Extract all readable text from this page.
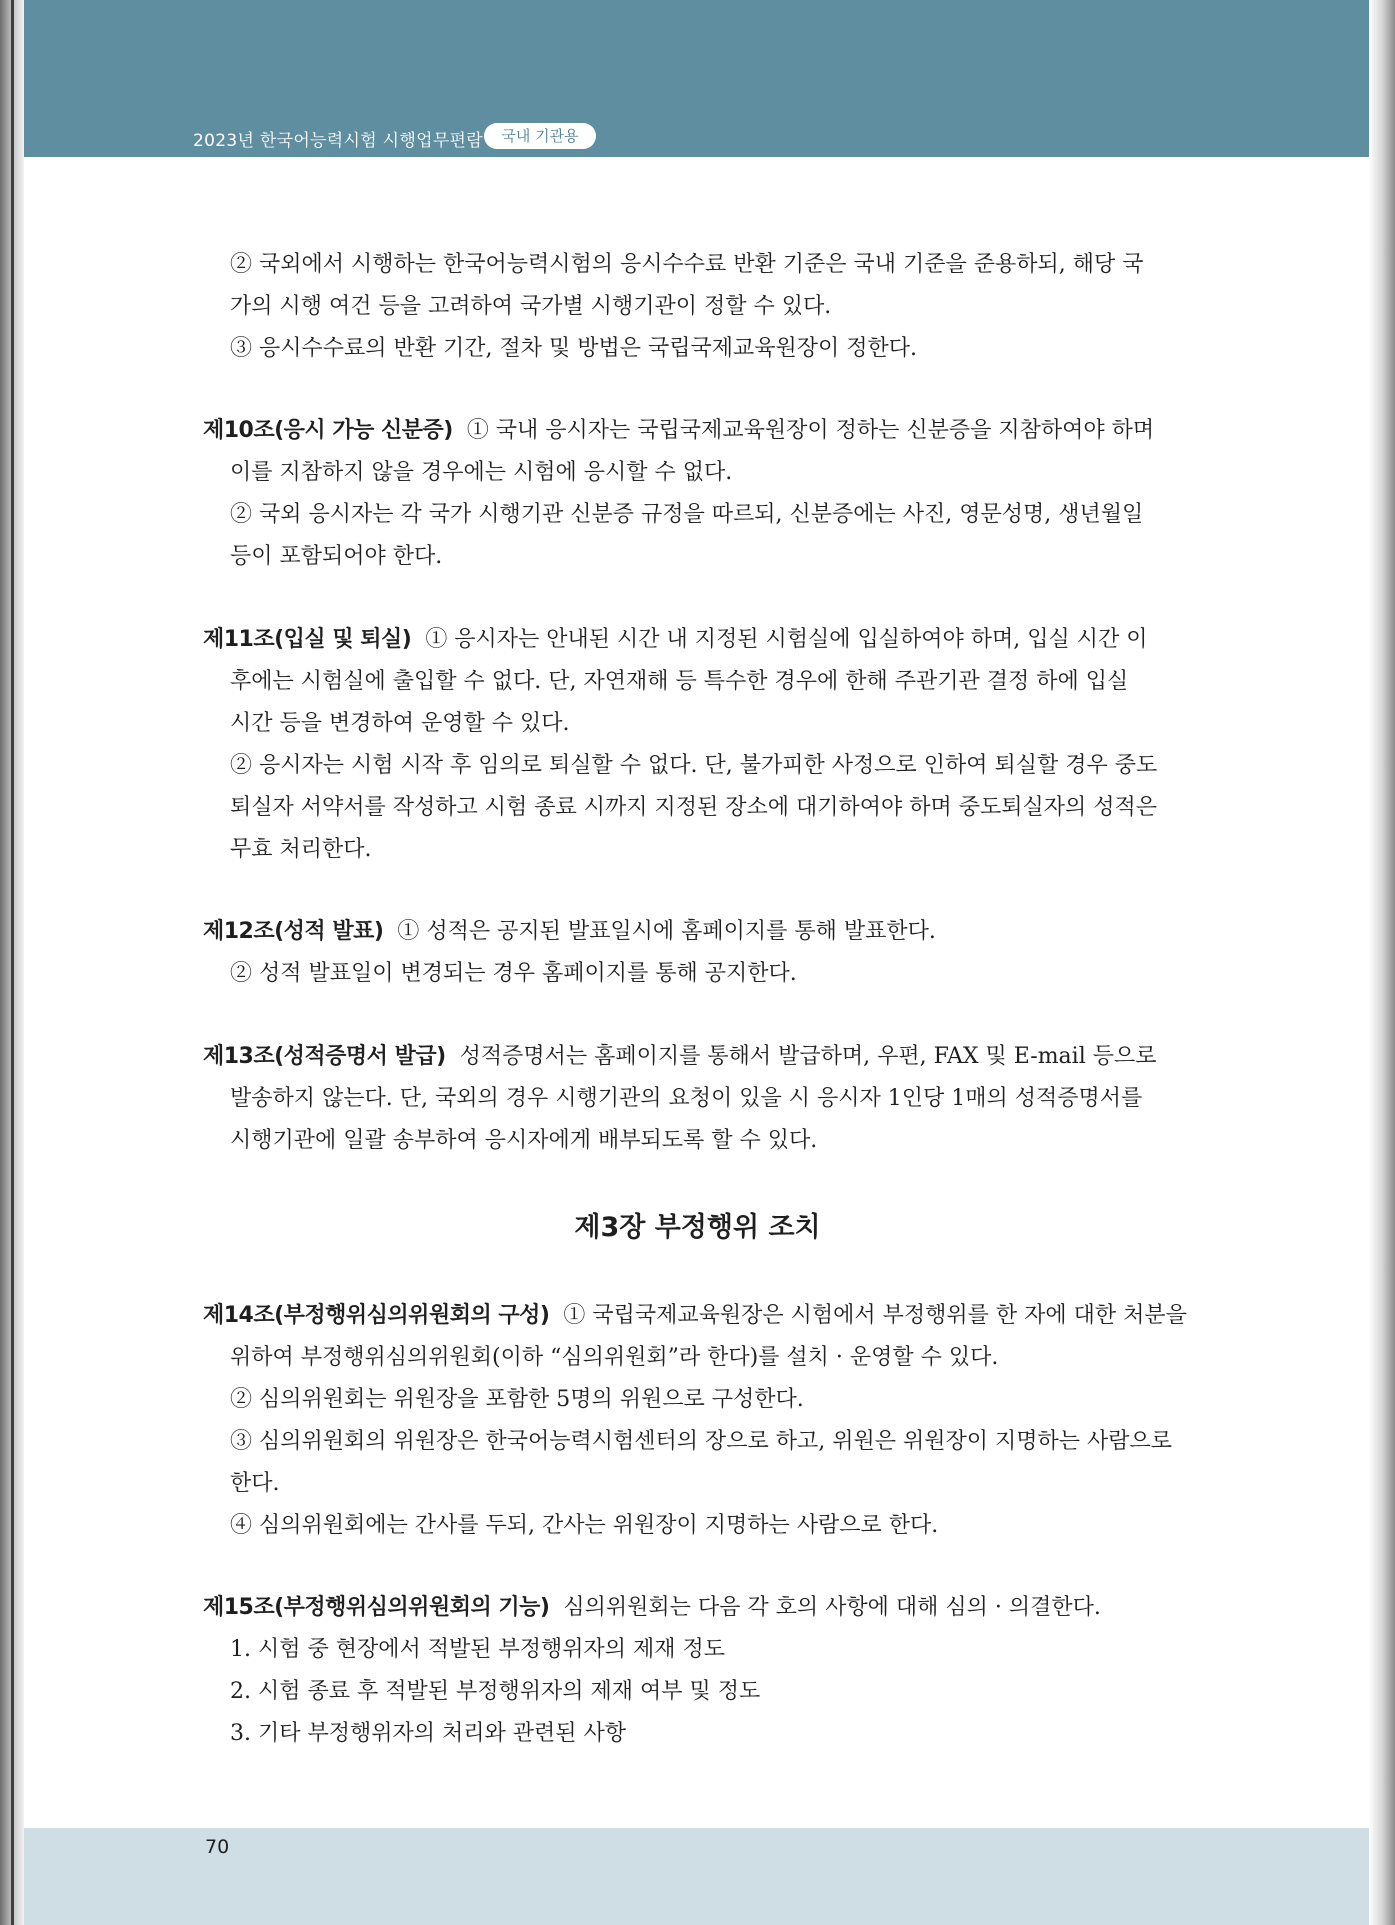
2023년 한국어능력시험 시행업무편람	국내 기관용
② 국외에서 시행하는 한국어능력시험의 응시수수료 반환 기준은 국내 기준을 준용하되, 해당 국
가의 시행 여건 등을 고려하여 국가별 시행기관이 정할 수 있다.
③ 응시수수료의 반환 기간, 절차 및 방법은 국립국제교육원장이 정한다.
제10조(응시 가능 신분증) ① 국내 응시자는 국립국제교육원장이 정하는 신분증을 지참하여야 하며
이를 지참하지 않을 경우에는 시험에 응시할 수 없다.
② 국외 응시자는 각 국가 시행기관 신분증 규정을 따르되, 신분증에는 사진, 영문성명, 생년월일
등이 포함되어야 한다.
제11조(입실 및 퇴실) ① 응시자는 안내된 시간 내 지정된 시험실에 입실하여야 하며, 입실 시간 이
후에는 시험실에 출입할 수 없다. 단, 자연재해 등 특수한 경우에 한해 주관기관 결정 하에 입실
시간 등을 변경하여 운영할 수 있다.
② 응시자는 시험 시작 후 임의로 퇴실할 수 없다. 단, 불가피한 사정으로 인하여 퇴실할 경우 중도
퇴실자 서약서를 작성하고 시험 종료 시까지 지정된 장소에 대기하여야 하며 중도퇴실자의 성적은
무효 처리한다.
제12조(성적 발표) ① 성적은 공지된 발표일시에 홈페이지를 통해 발표한다.
② 성적 발표일이 변경되는 경우 홈페이지를 통해 공지한다.
제13조(성적증명서 발급) 성적증명서는 홈페이지를 통해서 발급하며, 우편, FAX 및 E-mail 등으로
발송하지 않는다. 단, 국외의 경우 시행기관의 요청이 있을 시 응시자 1인당 1매의 성적증명서를
시행기관에 일괄 송부하여 응시자에게 배부되도록 할 수 있다.
제3장 부정행위 조치
제14조(부정행위심의위원회의 구성) ① 국립국제교육원장은 시험에서 부정행위를 한 자에 대한 처분을
위하여 부정행위심의위원회(이하 “심의위원회”라 한다)를 설치 · 운영할 수 있다.
② 심의위원회는 위원장을 포함한 5명의 위원으로 구성한다.
③ 심의위원회의 위원장은 한국어능력시험센터의 장으로 하고, 위원은 위원장이 지명하는 사람으로
한다.
④ 심의위원회에는 간사를 두되, 간사는 위원장이 지명하는 사람으로 한다.
제15조(부정행위심의위원회의 기능) 심의위원회는 다음 각 호의 사항에 대해 심의 · 의결한다.
1. 시험 중 현장에서 적발된 부정행위자의 제재 정도
2. 시험 종료 후 적발된 부정행위자의 제재 여부 및 정도
3. 기타 부정행위자의 처리와 관련된 사항
70
